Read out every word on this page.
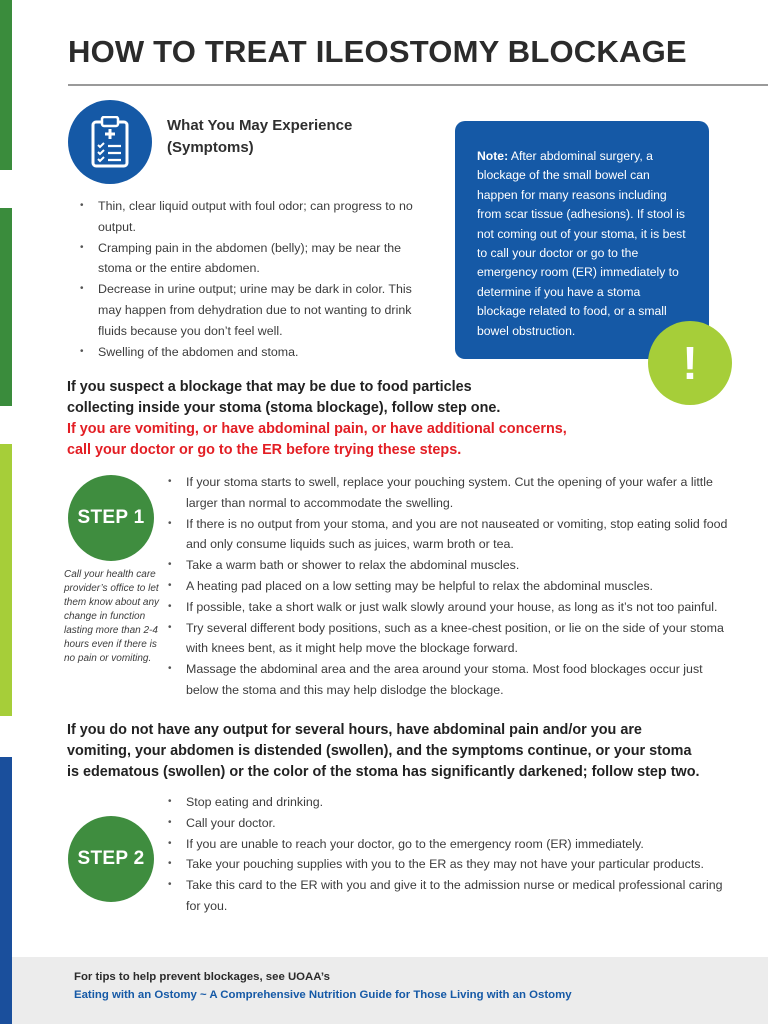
HOW TO TREAT ILEOSTOMY BLOCKAGE
What You May Experience
(Symptoms)
• Thin, clear liquid output with foul odor; can progress to no output.
• Cramping pain in the abdomen (belly); may be near the stoma or the entire abdomen.
• Decrease in urine output; urine may be dark in color. This may happen from dehydration due to not wanting to drink fluids because you don’t feel well.
• Swelling of the abdomen and stoma.

Note: After abdominal surgery, a blockage of the small bowel can happen for many reasons including from scar tissue (adhesions). If stool is not coming out of your stoma, it is best to call your doctor or go to the emergency room (ER) immediately to determine if you have a stoma blockage related to food, or a small bowel obstruction.

!

If you suspect a blockage that may be due to food particles
collecting inside your stoma (stoma blockage), follow step one.
If you are vomiting, or have abdominal pain, or have additional concerns,
call your doctor or go to the ER before trying these steps.

STEP 1
• If your stoma starts to swell, replace your pouching system. Cut the opening of your wafer a little larger than normal to accommodate the swelling.
• If there is no output from your stoma, and you are not nauseated or vomiting, stop eating solid food and only consume liquids such as juices, warm broth or tea.
• Take a warm bath or shower to relax the abdominal muscles.
• A heating pad placed on a low setting may be helpful to relax the abdominal muscles.
• If possible, take a short walk or just walk slowly around your house, as long as it’s not too painful.
• Try several different body positions, such as a knee-chest position, or lie on the side of your stoma with knees bent, as it might help move the blockage forward.
• Massage the abdominal area and the area around your stoma. Most food blockages occur just below the stoma and this may help dislodge the blockage.

Call your health care provider’s office to let them know about any change in function lasting more than 2-4 hours even if there is no pain or vomiting.

If you do not have any output for several hours, have abdominal pain and/or you are
vomiting, your abdomen is distended (swollen), and the symptoms continue, or your stoma
is edematous (swollen) or the color of the stoma has significantly darkened; follow step two.

STEP 2
• Stop eating and drinking.
• Call your doctor.
• If you are unable to reach your doctor, go to the emergency room (ER) immediately.
• Take your pouching supplies with you to the ER as they may not have your particular products.
• Take this card to the ER with you and give it to the admission nurse or medical professional caring for you.
For tips to help prevent blockages, see UOAA’s
Eating with an Ostomy ~ A Comprehensive Nutrition Guide for Those Living with an Ostomy
